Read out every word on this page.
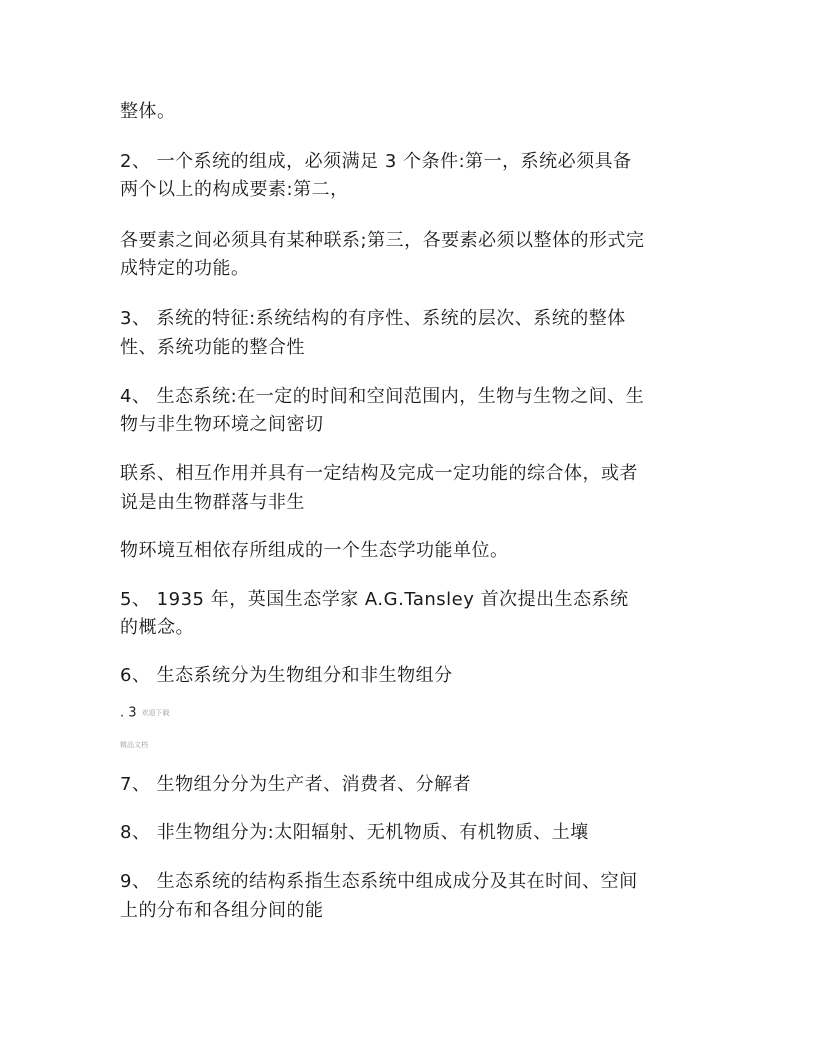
整体。
2、 一个系统的组成，必须满足 3 个条件:第一，系统必须具备
两个以上的构成要素:第二，
各要素之间必须具有某种联系;第三，各要素必须以整体的形式完
成特定的功能。
3、 系统的特征:系统结构的有序性、系统的层次、系统的整体
性、系统功能的整合性
4、 生态系统:在一定的时间和空间范围内，生物与生物之间、生
物与非生物环境之间密切
联系、相互作用并具有一定结构及完成一定功能的综合体，或者
说是由生物群落与非生
物环境互相依存所组成的一个生态学功能单位。
5、 1935 年，英国生态学家 A.G.Tansley 首次提出生态系统
的概念。
6、 生态系统分为生物组分和非生物组分
. 3 欢迎下载
精品文档
7、 生物组分分为生产者、消费者、分解者
8、 非生物组分为:太阳辐射、无机物质、有机物质、土壤
9、 生态系统的结构系指生态系统中组成成分及其在时间、空间
上的分布和各组分间的能
